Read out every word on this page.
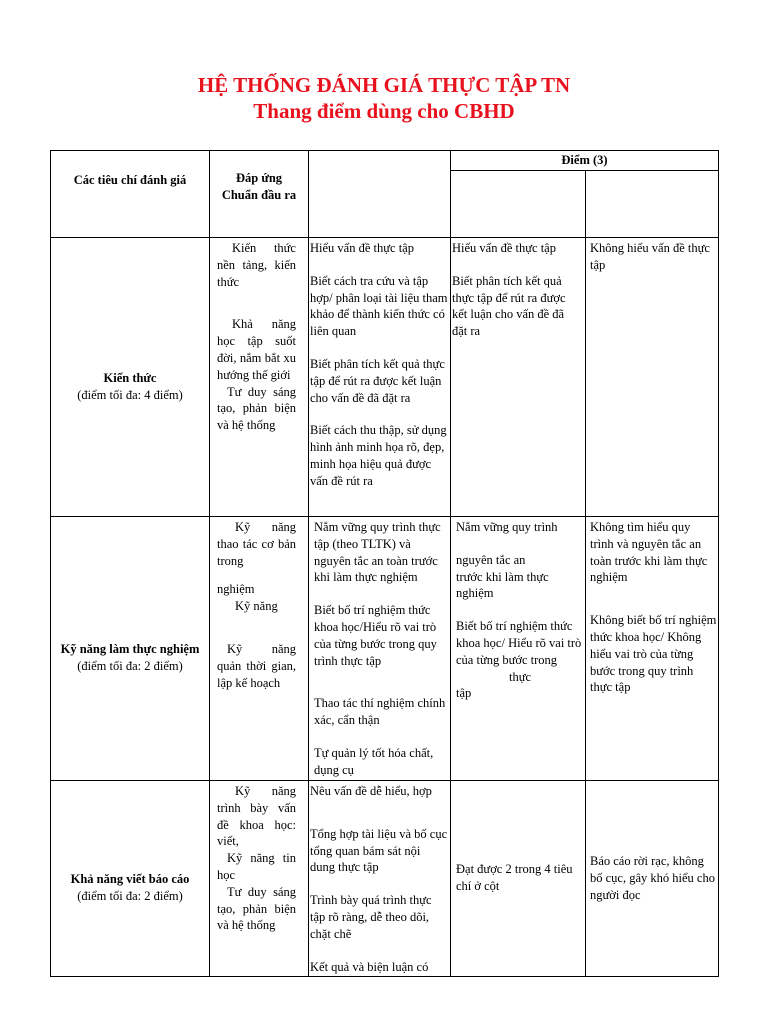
HỆ THỐNG ĐÁNH GIÁ THỰC TẬP TN
Thang điểm dùng cho CBHD
Các tiêu chí đánh giá	Đáp ứng

Chuẩn đầu ra

Điểm (3)

Kiến thức

(điểm tối đa: 4 điểm)

Kiến thức nền tảng, kiến thức

Khả năng học tập suốt đời, nắm bắt xu hướng thế giới

Tư duy sáng tạo, phản biện và hệ thống

Hiểu vấn đề thực tập

Biết cách tra cứu và tập hợp/ phân loại tài liệu tham khảo để thành kiến thức có liên quan

Biết phân tích kết quả thực tập để rút ra được kết luận cho vấn đề đã đặt ra

Biết cách thu thập, sử dụng hình ảnh minh họa rõ, đẹp, minh họa hiệu quả được vấn đề rút ra

Hiểu vấn đề thực tập

Biết phân tích kết quả thực tập để rút ra được kết luận cho vấn đề đã đặt ra

Không hiểu vấn đề thực tập

Kỹ năng làm thực nghiệm

(điểm tối đa: 2 điểm)

Kỹ năng thao tác cơ bản trong

nghiệm

Kỹ năng

Kỹ năng quản thời gian, lập kế hoạch

Nắm vững quy trình thực tập (theo TLTK) và nguyên tắc an toàn trước khi làm thực nghiệm

Biết bố trí nghiệm thức khoa học/Hiểu rõ vai trò của từng bước trong quy trình thực tập

Thao tác thí nghiệm chính xác, cẩn thận

Tự quản lý tốt hóa chất, dụng cụ

Nắm vững quy trình

nguyên tắc an

trước khi làm thực nghiệm

Biết bố trí nghiệm thức khoa học/ Hiểu rõ vai trò của từng bước trong

thực

tập

Không tìm hiểu quy trình và nguyên tắc an toàn trước khi làm thực nghiệm

Không biết bố trí nghiệm thức khoa học/ Không hiểu vai trò của từng bước trong quy trình thực tập

Khả năng viết báo cáo

(điểm tối đa: 2 điểm)

Kỹ năng trình bày vấn đề khoa học: viết,

Kỹ năng tin học

Tư duy sáng tạo, phản biện và hệ thống

Nêu vấn đề dễ hiểu, hợp

Tổng hợp tài liệu và bố cục tổng quan bám sát nội dung thực tập

Trình bày quá trình thực tập rõ ràng, dễ theo dõi, chặt chẽ

Kết quả và biện luận có

Đạt được 2 trong 4 tiêu chí ở cột

Báo cáo rời rạc, không bố cục, gây khó hiểu cho người đọc
